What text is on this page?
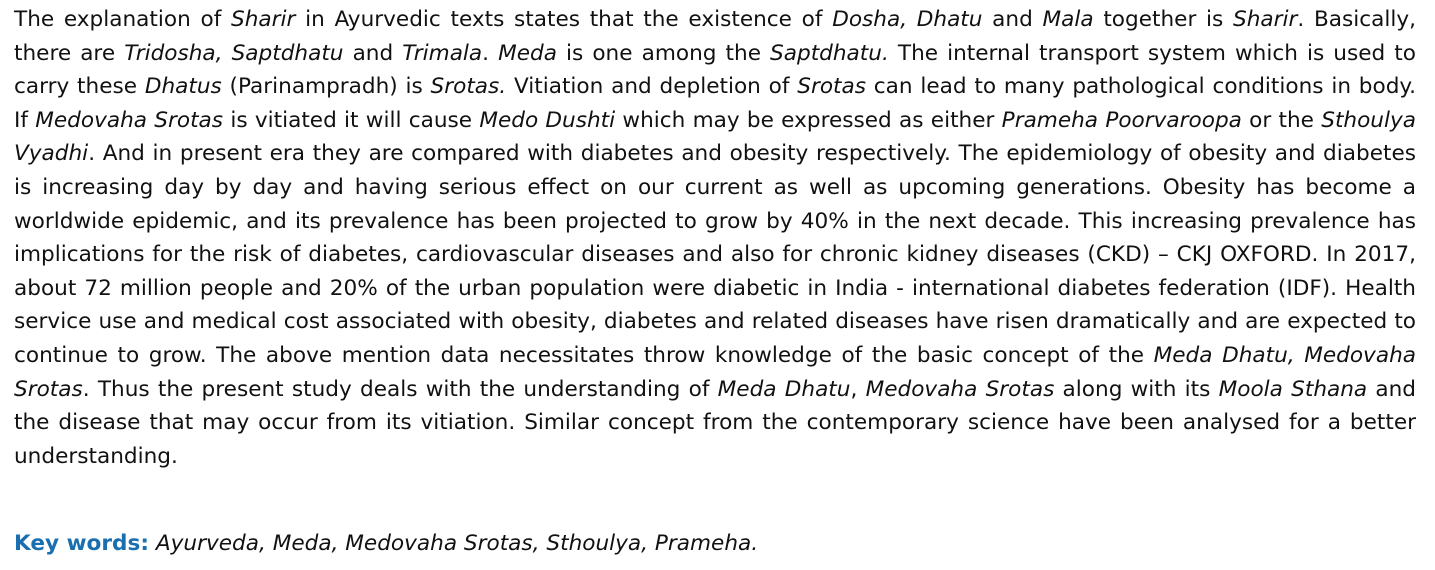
The explanation of Sharir in Ayurvedic texts states that the existence of Dosha, Dhatu and Mala together is Sharir. Basically, there are Tridosha, Saptdhatu and Trimala. Meda is one among the Saptdhatu. The internal transport system which is used to carry these Dhatus (Parinampradh) is Srotas. Vitiation and depletion of Srotas can lead to many pathological conditions in body. If Medovaha Srotas is vitiated it will cause Medo Dushti which may be expressed as either Prameha Poorvaroopa or the Sthoulya Vyadhi. And in present era they are compared with diabetes and obesity respectively. The epidemiology of obesity and diabetes is increasing day by day and having serious effect on our current as well as upcoming generations. Obesity has become a worldwide epidemic, and its prevalence has been projected to grow by 40% in the next decade. This increasing prevalence has implications for the risk of diabetes, cardiovascular diseases and also for chronic kidney diseases (CKD) – CKJ OXFORD. In 2017, about 72 million people and 20% of the urban population were diabetic in India - international diabetes federation (IDF). Health service use and medical cost associated with obesity, diabetes and related diseases have risen dramatically and are expected to continue to grow. The above mention data necessitates throw knowledge of the basic concept of the Meda Dhatu, Medovaha Srotas. Thus the present study deals with the understanding of Meda Dhatu, Medovaha Srotas along with its Moola Sthana and the disease that may occur from its vitiation. Similar concept from the contemporary science have been analysed for a better understanding.

Key words: Ayurveda, Meda, Medovaha Srotas, Sthoulya, Prameha.
